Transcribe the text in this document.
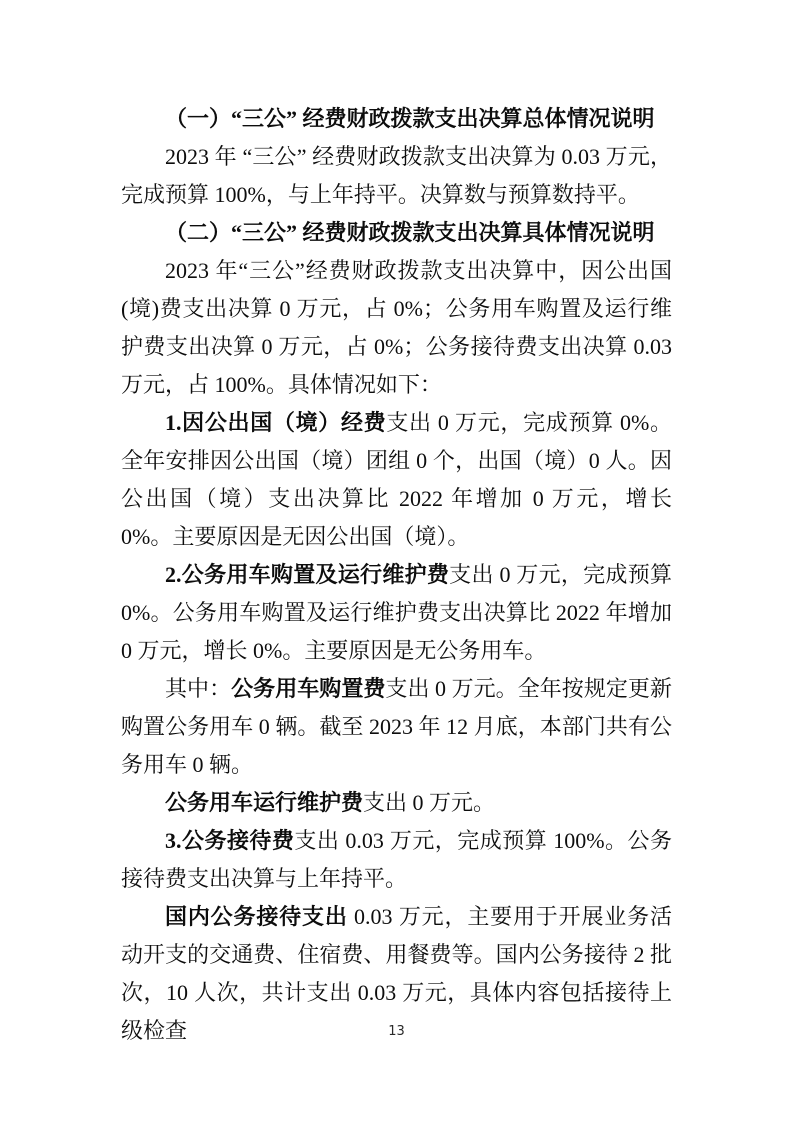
（一）“三公” 经费财政拨款支出决算总体情况说明

2023 年 “三公” 经费财政拨款支出决算为 0.03 万元，完成预算 100%，与上年持平。决算数与预算数持平。

（二）“三公” 经费财政拨款支出决算具体情况说明

2023 年“三公”经费财政拨款支出决算中，因公出国(境)费支出决算 0 万元，占 0%；公务用车购置及运行维护费支出决算 0 万元，占 0%；公务接待费支出决算 0.03 万元，占 100%。具体情况如下：

1.因公出国（境）经费支出 0 万元，完成预算 0%。全年安排因公出国（境）团组 0 个，出国（境）0 人。因公出国（境）支出决算比 2022 年增加 0 万元，增长 0%。主要原因是无因公出国（境）。

2.公务用车购置及运行维护费支出 0 万元，完成预算 0%。公务用车购置及运行维护费支出决算比 2022 年增加 0 万元，增长 0%。主要原因是无公务用车。

其中：公务用车购置费支出 0 万元。全年按规定更新购置公务用车 0 辆。截至 2023 年 12 月底，本部门共有公务用车 0 辆。

公务用车运行维护费支出 0 万元。

3.公务接待费支出 0.03 万元，完成预算 100%。公务接待费支出决算与上年持平。

国内公务接待支出 0.03 万元，主要用于开展业务活动开支的交通费、住宿费、用餐费等。国内公务接待 2 批次，10 人次，共计支出 0.03 万元，具体内容包括接待上级检查	13
